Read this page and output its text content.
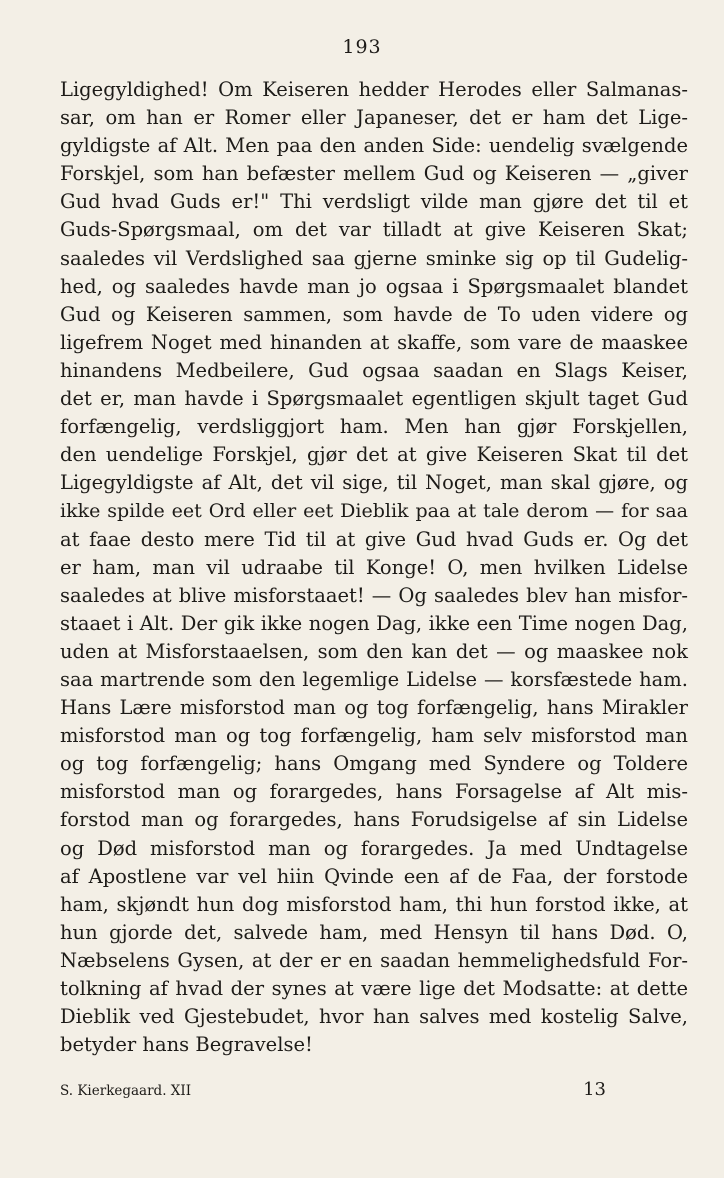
193
Ligegyldighed! Om Keiseren hedder Herodes eller Salmanas-
sar, om han er Romer eller Japaneser, det er ham det Lige-
gyldigste af Alt. Men paa den anden Side: uendelig svælgende
Forskjel, som han befæster mellem Gud og Keiseren — „giver
Gud hvad Guds er!" Thi verdsligt vilde man gjøre det til et
Guds-Spørgsmaal, om det var tilladt at give Keiseren Skat;
saaledes vil Verdslighed saa gjerne sminke sig op til Gudelig-
hed, og saaledes havde man jo ogsaa i Spørgsmaalet blandet
Gud og Keiseren sammen, som havde de To uden videre og
ligefrem Noget med hinanden at skaffe, som vare de maaskee
hinandens Medbeilere, Gud ogsaa saadan en Slags Keiser,
det er, man havde i Spørgsmaalet egentligen skjult taget Gud
forfængelig, verdsliggjort ham. Men han gjør Forskjellen,
den uendelige Forskjel, gjør det at give Keiseren Skat til det
Ligegyldigste af Alt, det vil sige, til Noget, man skal gjøre, og
ikke spilde eet Ord eller eet Dieblik paa at tale derom — for saa
at faae desto mere Tid til at give Gud hvad Guds er. Og det
er ham, man vil udraabe til Konge! O, men hvilken Lidelse
saaledes at blive misforstaaet! — Og saaledes blev han misfor-
staaet i Alt. Der gik ikke nogen Dag, ikke een Time nogen Dag,
uden at Misforstaaelsen, som den kan det — og maaskee nok
saa martrende som den legemlige Lidelse — korsfæstede ham.
Hans Lære misforstod man og tog forfængelig, hans Mirakler
misforstod man og tog forfængelig, ham selv misforstod man
og tog forfængelig; hans Omgang med Syndere og Toldere
misforstod man og forargedes, hans Forsagelse af Alt mis-
forstod man og forargedes, hans Forudsigelse af sin Lidelse
og Død misforstod man og forargedes. Ja med Undtagelse
af Apostlene var vel hiin Qvinde een af de Faa, der forstode
ham, skjøndt hun dog misforstod ham, thi hun forstod ikke, at
hun gjorde det, salvede ham, med Hensyn til hans Død. O,
Næbselens Gysen, at der er en saadan hemmelighedsfuld For-
tolkning af hvad der synes at være lige det Modsatte: at dette
Dieblik ved Gjestebudet, hvor han salves med kostelig Salve,
betyder hans Begravelse!
S. Kierkegaard. XII	13
